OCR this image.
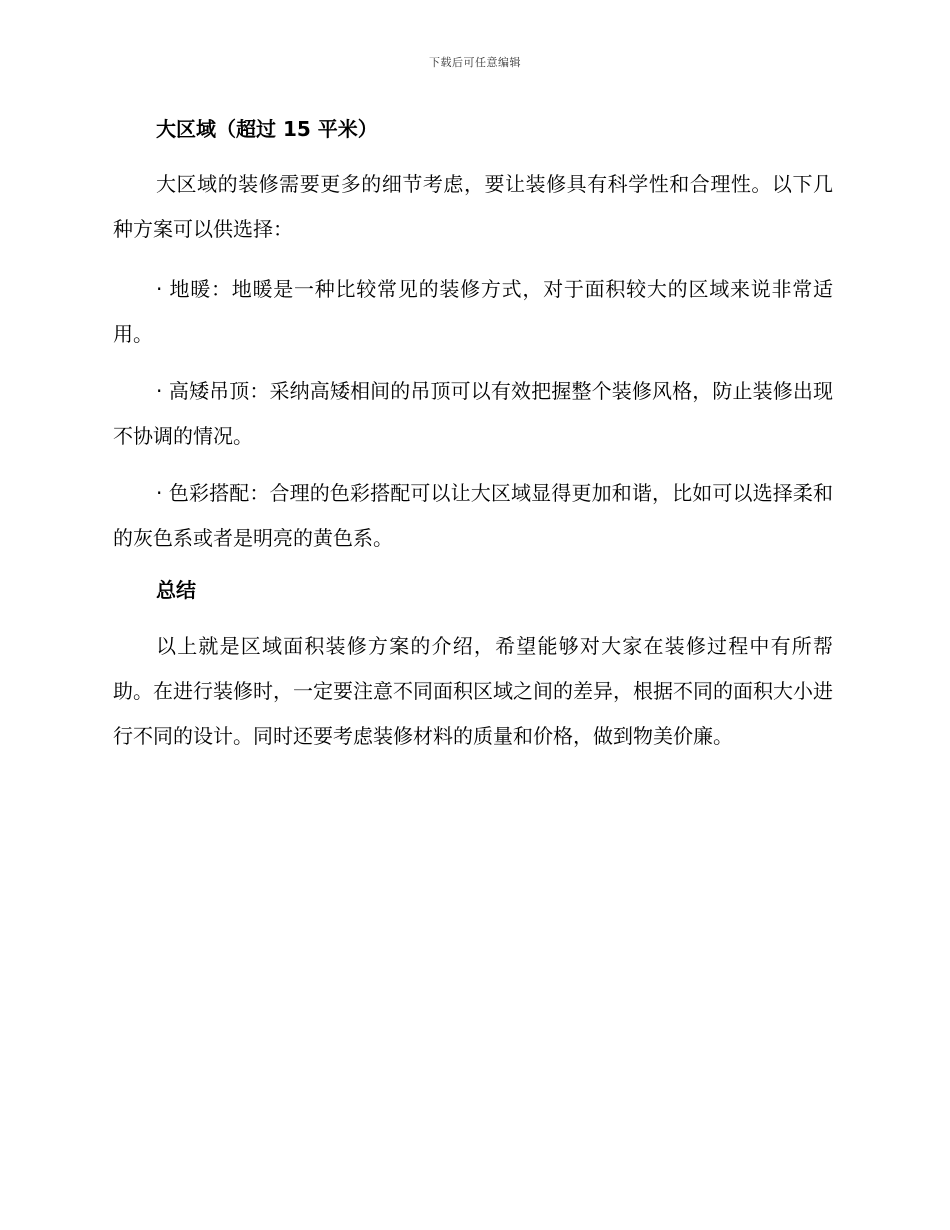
下载后可任意编辑
大区域（超过 15 平米）

大区域的装修需要更多的细节考虑，要让装修具有科学性和合理性。以下几种方案可以供选择：

· 地暖：地暖是一种比较常见的装修方式，对于面积较大的区域来说非常适用。

· 高矮吊顶：采纳高矮相间的吊顶可以有效把握整个装修风格，防止装修出现不协调的情况。

· 色彩搭配：合理的色彩搭配可以让大区域显得更加和谐，比如可以选择柔和的灰色系或者是明亮的黄色系。

总结

以上就是区域面积装修方案的介绍，希望能够对大家在装修过程中有所帮助。在进行装修时，一定要注意不同面积区域之间的差异，根据不同的面积大小进行不同的设计。同时还要考虑装修材料的质量和价格，做到物美价廉。
